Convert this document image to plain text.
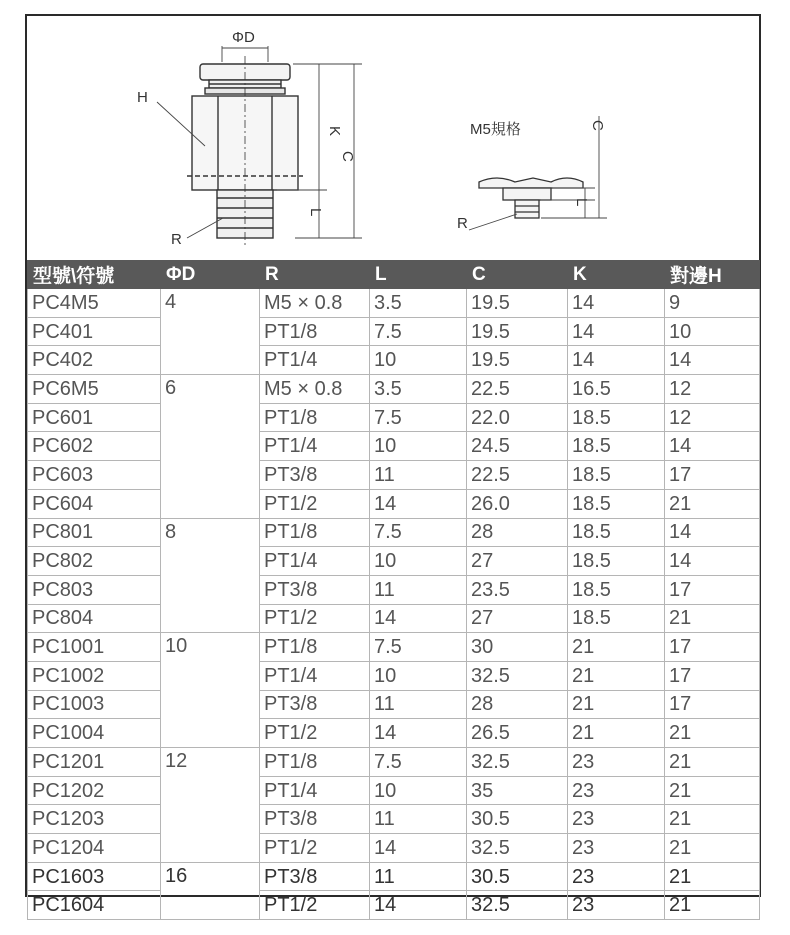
ΦD
H
K
C
L
R
M5規格	C
L
R
型號\符號	ΦD	R	L	C	K	對邊H
PC4M5	4	M5 × 0.8	3.5	19.5	14	9
PC401		PT1/8	7.5	19.5	14	10
PC402		PT1/4	10	19.5	14	14
PC6M5	6	M5 × 0.8	3.5	22.5	16.5	12
PC601		PT1/8	7.5	22.0	18.5	12
PC602		PT1/4	10	24.5	18.5	14
PC603		PT3/8	11	22.5	18.5	17
PC604		PT1/2	14	26.0	18.5	21
PC801	8	PT1/8	7.5	28	18.5	14
PC802		PT1/4	10	27	18.5	14
PC803		PT3/8	11	23.5	18.5	17
PC804		PT1/2	14	27	18.5	21
PC1001	10	PT1/8	7.5	30	21	17
PC1002		PT1/4	10	32.5	21	17
PC1003		PT3/8	11	28	21	17
PC1004		PT1/2	14	26.5	21	21
PC1201	12	PT1/8	7.5	32.5	23	21
PC1202		PT1/4	10	35	23	21
PC1203		PT3/8	11	30.5	23	21
PC1204		PT1/2	14	32.5	23	21
PC1603	16	PT3/8	11	30.5	23	21
PC1604		PT1/2	14	32.5	23	21
